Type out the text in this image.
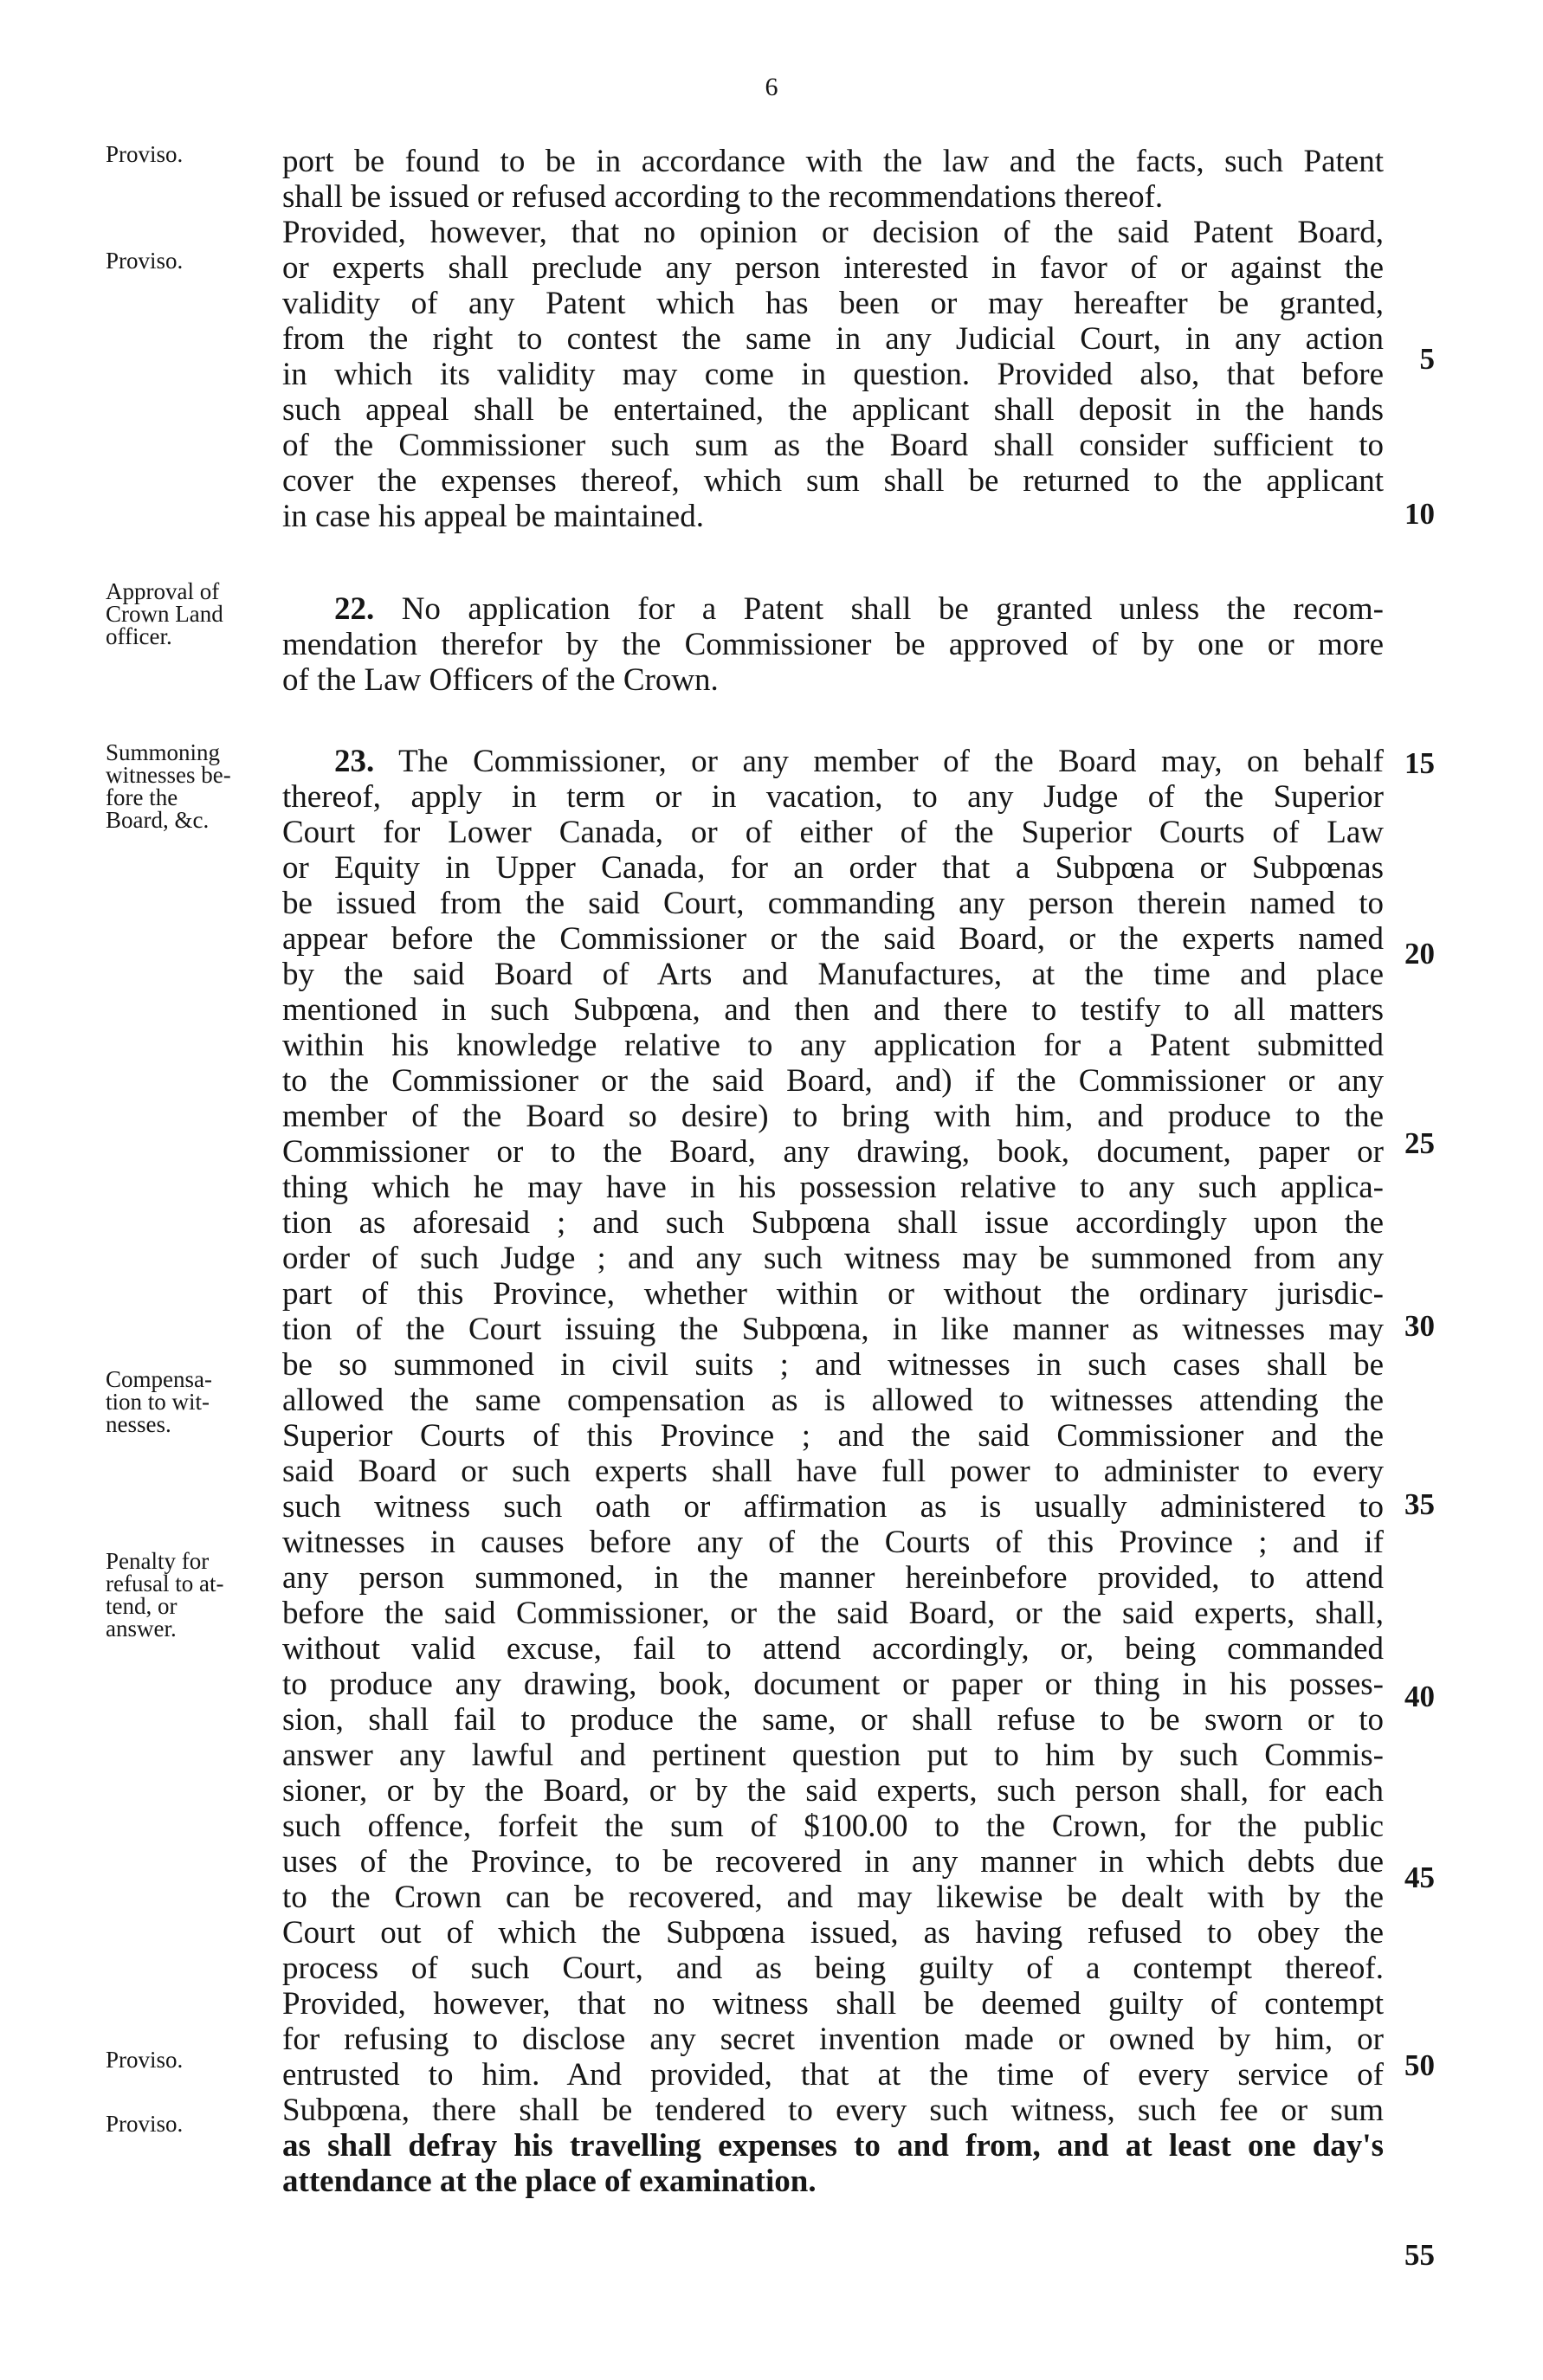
6
Proviso.
Proviso.
Approval of
Crown Land
officer.
Summoning
witnesses be-
fore the
Board, &c.
Compensa-
tion to wit-
nesses.
Penalty for
refusal to at-
tend, or
answer.
Proviso.
Proviso.
5
10
15
20
25
30
35
40
45
50
55
port be found to be in accordance with the law and the facts, such Patent
shall be issued or refused according to the recommendations thereof.
Provided, however, that no opinion or decision of the said Patent Board,
or experts shall preclude any person interested in favor of or against the
validity of any Patent which has been or may hereafter be granted,
from the right to contest the same in any Judicial Court, in any action
in which its validity may come in question. Provided also, that before
such appeal shall be entertained, the applicant shall deposit in the hands
of the Commissioner such sum as the Board shall consider sufficient to
cover the expenses thereof, which sum shall be returned to the applicant
in case his appeal be maintained.
22. No application for a Patent shall be granted unless the recom-
mendation therefor by the Commissioner be approved of by one or more
of the Law Officers of the Crown.
23. The Commissioner, or any member of the Board may, on behalf
thereof, apply in term or in vacation, to any Judge of the Superior
Court for Lower Canada, or of either of the Superior Courts of Law
or Equity in Upper Canada, for an order that a Subpœna or Subpœnas
be issued from the said Court, commanding any person therein named to
appear before the Commissioner or the said Board, or the experts named
by the said Board of Arts and Manufactures, at the time and place
mentioned in such Subpœna, and then and there to testify to all matters
within his knowledge relative to any application for a Patent submitted
to the Commissioner or the said Board, and) if the Commissioner or any
member of the Board so desire) to bring with him, and produce to the
Commissioner or to the Board, any drawing, book, document, paper or
thing which he may have in his possession relative to any such applica-
tion as aforesaid ; and such Subpœna shall issue accordingly upon the
order of such Judge ; and any such witness may be summoned from any
part of this Province, whether within or without the ordinary jurisdic-
tion of the Court issuing the Subpœna, in like manner as witnesses may
be so summoned in civil suits ; and witnesses in such cases shall be
allowed the same compensation as is allowed to witnesses attending the
Superior Courts of this Province ; and the said Commissioner and the
said Board or such experts shall have full power to administer to every
such witness such oath or affirmation as is usually administered to
witnesses in causes before any of the Courts of this Province ; and if
any person summoned, in the manner hereinbefore provided, to attend
before the said Commissioner, or the said Board, or the said experts, shall,
without valid excuse, fail to attend accordingly, or, being commanded
to produce any drawing, book, document or paper or thing in his posses-
sion, shall fail to produce the same, or shall refuse to be sworn or to
answer any lawful and pertinent question put to him by such Commis-
sioner, or by the Board, or by the said experts, such person shall, for each
such offence, forfeit the sum of $100.00 to the Crown, for the public
uses of the Province, to be recovered in any manner in which debts due
to the Crown can be recovered, and may likewise be dealt with by the
Court out of which the Subpœna issued, as having refused to obey the
process of such Court, and as being guilty of a contempt thereof.
Provided, however, that no witness shall be deemed guilty of contempt
for refusing to disclose any secret invention made or owned by him, or
entrusted to him. And provided, that at the time of every service of
Subpœna, there shall be tendered to every such witness, such fee or sum
as shall defray his travelling expenses to and from, and at least one day's
attendance at the place of examination.
